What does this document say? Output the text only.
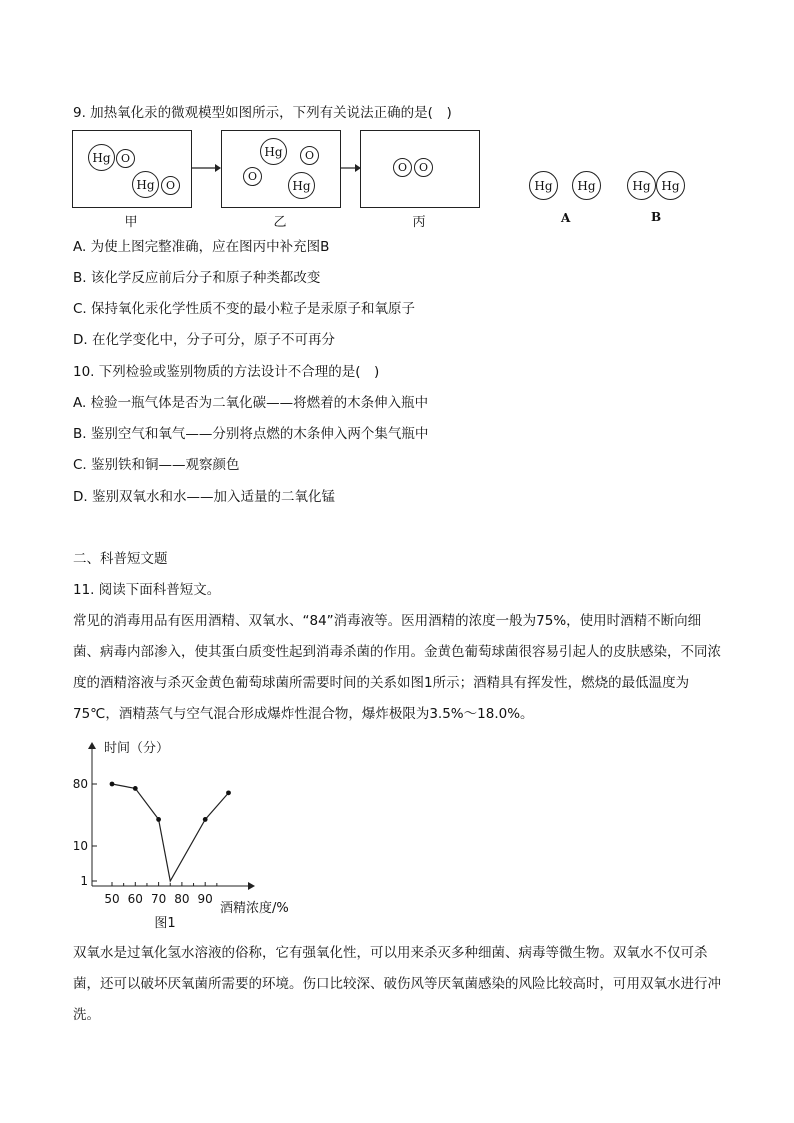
9. 加热氧化汞的微观模型如图所示，下列有关说法正确的是(　)
Hg O
Hg	O
Hg	O
O
Hg
O	O
甲	乙	丙
Hg	Hg	Hg Hg
A	B
A. 为使上图完整准确，应在图丙中补充图B
B. 该化学反应前后分子和原子种类都改变
C. 保持氧化汞化学性质不变的最小粒子是汞原子和氧原子
D. 在化学变化中，分子可分，原子不可再分
10. 下列检验或鉴别物质的方法设计不合理的是(　)
A. 检验一瓶气体是否为二氧化碳——将燃着的木条伸入瓶中
B. 鉴别空气和氧气——分别将点燃的木条伸入两个集气瓶中
C. 鉴别铁和铜——观察颜色
D. 鉴别双氧水和水——加入适量的二氧化锰
二、科普短文题
11. 阅读下面科普短文。
常见的消毒用品有医用酒精、双氧水、“84”消毒液等。医用酒精的浓度一般为75%，使用时酒精不断向细菌、病毒内部渗入，使其蛋白质变性起到消毒杀菌的作用。金黄色葡萄球菌很容易引起人的皮肤感染，不同浓度的酒精溶液与杀灭金黄色葡萄球菌所需要时间的关系如图1所示；酒精具有挥发性，燃烧的最低温度为75℃，酒精蒸气与空气混合形成爆炸性混合物，爆炸极限为3.5%～18.0%。
时间（分）
1
10
80
50 60 70 80 90
酒精浓度/%
图1
双氧水是过氧化氢水溶液的俗称，它有强氧化性，可以用来杀灭多种细菌、病毒等微生物。双氧水不仅可杀菌，还可以破坏厌氧菌所需要的环境。伤口比较深、破伤风等厌氧菌感染的风险比较高时，可用双氧水进行冲洗。
